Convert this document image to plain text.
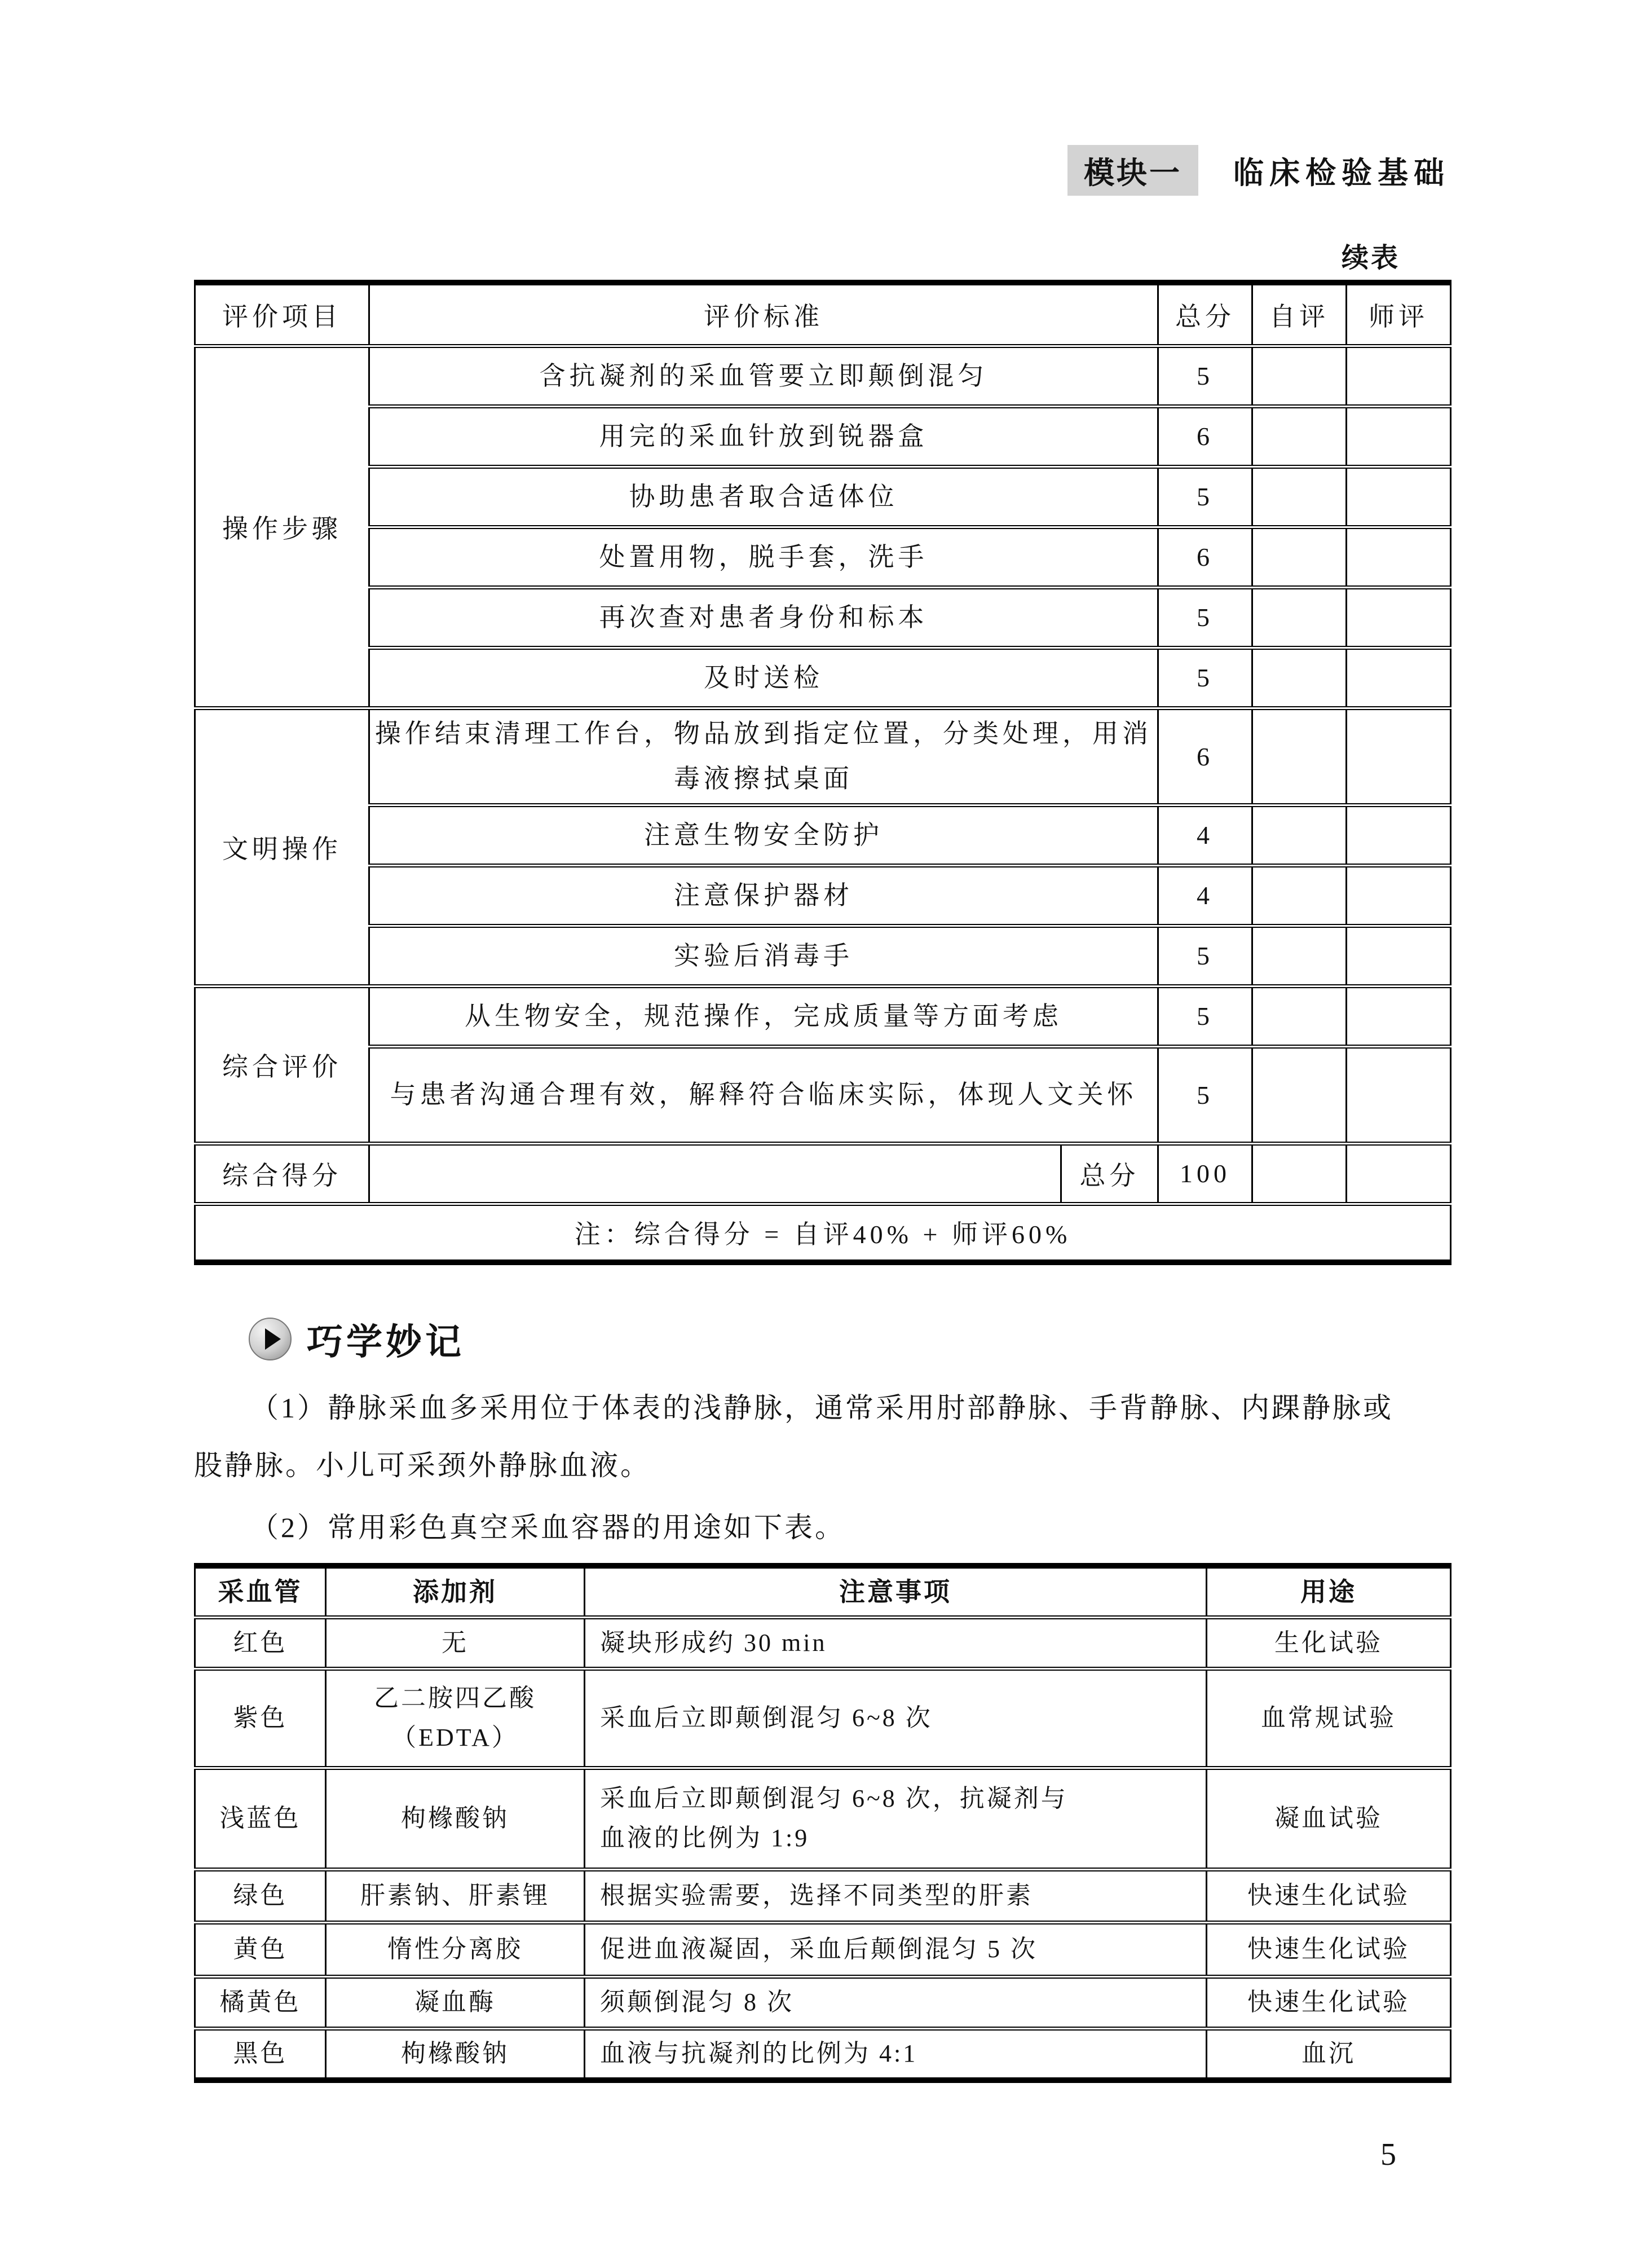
模块一	临床检验基础
续表
评价项目	评价标准		总分	自评	师评
操作步骤	含抗凝剂的采血管要立即颠倒混匀		5		
	用完的采血针放到锐器盒		6		
	协助患者取合适体位		5		
	处置用物，脱手套，洗手		6		
	再次查对患者身份和标本		5		
	及时送检		5		
文明操作	操作结束清理工作台，物品放到指定位置，分类处理，用消毒液擦拭桌面		6		
	注意生物安全防护		4		
	注意保护器材		4		
	实验后消毒手		5		
综合评价	从生物安全，规范操作，完成质量等方面考虑		5		
	与患者沟通合理有效，解释符合临床实际，体现人文关怀		5		
综合得分		总分	100		
注：综合得分 = 自评40% + 师评60%					
巧学妙记

（1）静脉采血多采用位于体表的浅静脉，通常采用肘部静脉、手背静脉、内踝静脉或股静脉。小儿可采颈外静脉血液。

（2）常用彩色真空采血容器的用途如下表。

采血管	添加剂	注意事项	用途
红色	无	凝块形成约 30 min	生化试验
紫色	乙二胺四乙酸（EDTA）	采血后立即颠倒混匀 6~8 次	血常规试验
浅蓝色	枸橼酸钠	采血后立即颠倒混匀 6~8 次，抗凝剂与血液的比例为 1:9	凝血试验
绿色	肝素钠、肝素锂	根据实验需要，选择不同类型的肝素	快速生化试验
黄色	惰性分离胶	促进血液凝固，采血后颠倒混匀 5 次	快速生化试验
橘黄色	凝血酶	须颠倒混匀 8 次	快速生化试验
黑色	枸橼酸钠	血液与抗凝剂的比例为 4:1	血沉
5
